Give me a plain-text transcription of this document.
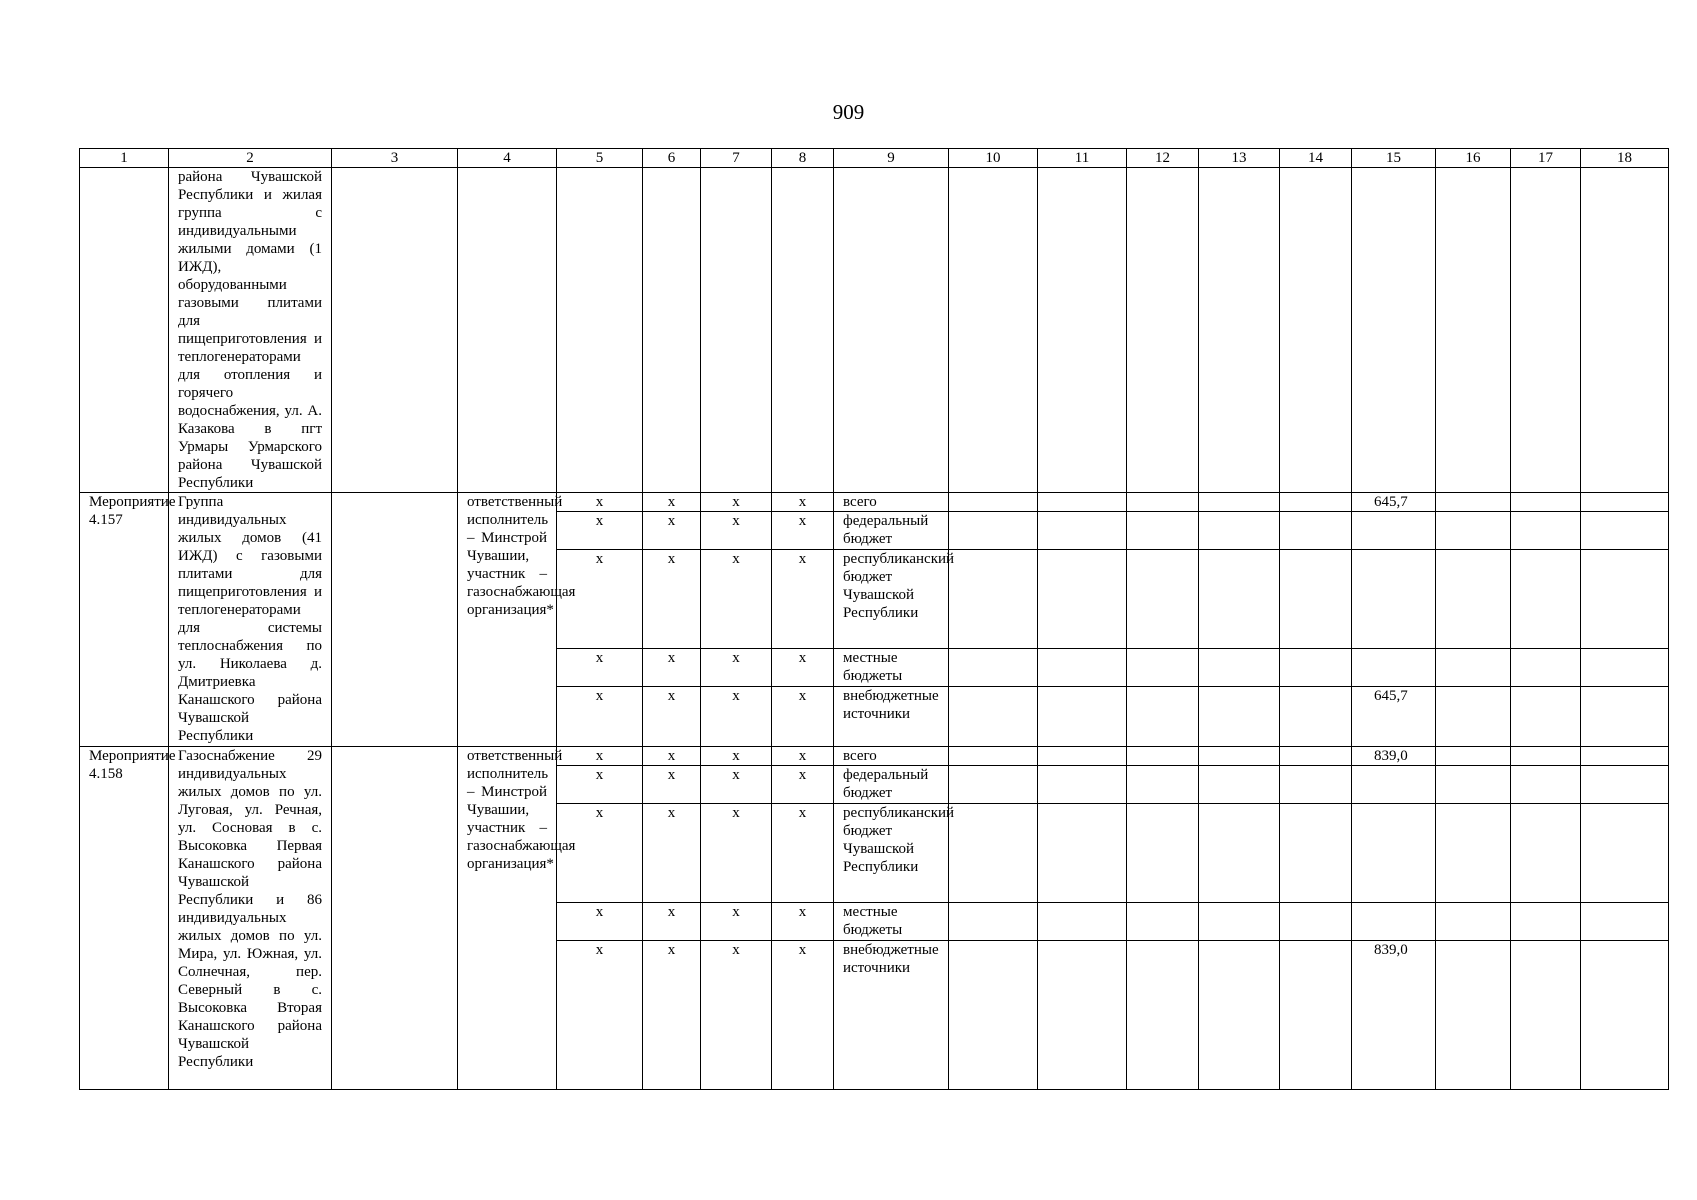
909
1	2	3	4	5	6	7	8	9	10	11	12	13	14	15	16	17	18
	района Чувашской Республики и жилая группа с индивидуальными жилыми домами (1 ИЖД), оборудованными газовыми плитами для пищеприготовления и теплогенераторами для отопления и горячего водоснабжения, ул. А. Казакова в пгт Урмары Урмарского района Чувашской Республики																
Мероприятие 4.157	Группа индивидуальных жилых домов (41 ИЖД) с газовыми плитами для пищеприготовления и теплогенераторами для системы теплоснабжения по ул. Николаева д. Дмитриевка Канашского района Чувашской Республики		ответственный исполнитель – Минстрой Чувашии, участник – газоснабжающая организация*	x	x	x	x	всего						645,7			
				x	x	x	x	федеральный бюджет									
				x	x	x	x	республиканский бюджет Чувашской Республики									
				x	x	x	x	местные бюджеты									
				x	x	x	x	внебюджетные источники						645,7			
Мероприятие 4.158	Газоснабжение 29 индивидуальных жилых домов по ул. Луговая, ул. Речная, ул. Сосновая в с. Высоковка Первая Канашского района Чувашской Республики и 86 индивидуальных жилых домов по ул. Мира, ул. Южная, ул. Солнечная, пер. Северный в с. Высоковка Вторая Канашского района Чувашской Республики		ответственный исполнитель – Минстрой Чувашии, участник – газоснабжающая организация*	x	x	x	x	всего						839,0			
				x	x	x	x	федеральный бюджет									
				x	x	x	x	республиканский бюджет Чувашской Республики									
				x	x	x	x	местные бюджеты									
				x	x	x	x	внебюджетные источники						839,0			
